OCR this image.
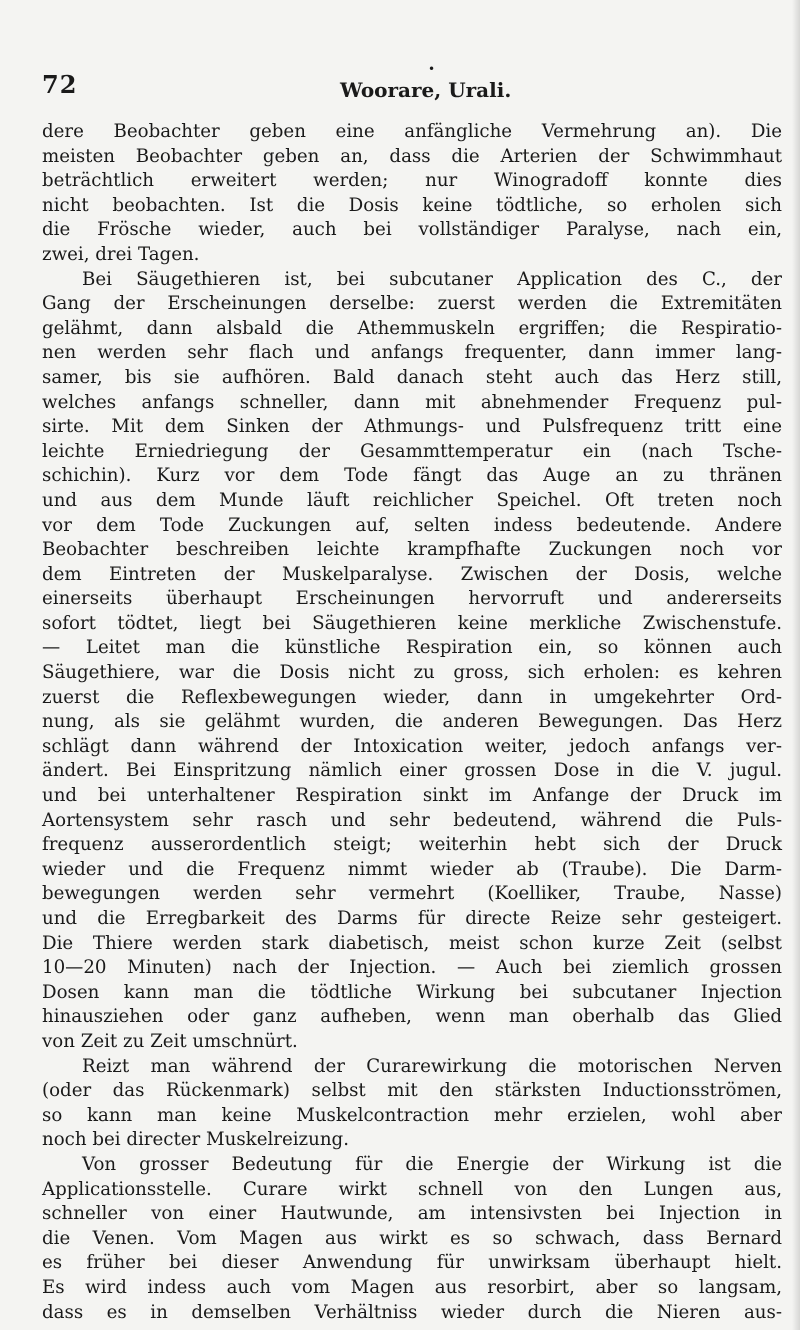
72
•
Woorare, Urali.
dere Beobachter geben eine anfängliche Vermehrung an). Die
meisten Beobachter geben an, dass die Arterien der Schwimmhaut
beträchtlich erweitert werden; nur Winogradoff konnte dies
nicht beobachten. Ist die Dosis keine tödtliche, so erholen sich
die Frösche wieder, auch bei vollständiger Paralyse, nach ein,
zwei, drei Tagen.
Bei Säugethieren ist, bei subcutaner Application des C., der
Gang der Erscheinungen derselbe: zuerst werden die Extremitäten
gelähmt, dann alsbald die Athemmuskeln ergriffen; die Respiratio-
nen werden sehr flach und anfangs frequenter, dann immer lang-
samer, bis sie aufhören. Bald danach steht auch das Herz still,
welches anfangs schneller, dann mit abnehmender Frequenz pul-
sirte. Mit dem Sinken der Athmungs- und Pulsfrequenz tritt eine
leichte Erniedriegung der Gesammttemperatur ein (nach Tsche-
schichin). Kurz vor dem Tode fängt das Auge an zu thränen
und aus dem Munde läuft reichlicher Speichel. Oft treten noch
vor dem Tode Zuckungen auf, selten indess bedeutende. Andere
Beobachter beschreiben leichte krampfhafte Zuckungen noch vor
dem Eintreten der Muskelparalyse. Zwischen der Dosis, welche
einerseits überhaupt Erscheinungen hervorruft und andererseits
sofort tödtet, liegt bei Säugethieren keine merkliche Zwischenstufe.
— Leitet man die künstliche Respiration ein, so können auch
Säugethiere, war die Dosis nicht zu gross, sich erholen: es kehren
zuerst die Reflexbewegungen wieder, dann in umgekehrter Ord-
nung, als sie gelähmt wurden, die anderen Bewegungen. Das Herz
schlägt dann während der Intoxication weiter, jedoch anfangs ver-
ändert. Bei Einspritzung nämlich einer grossen Dose in die V. jugul.
und bei unterhaltener Respiration sinkt im Anfange der Druck im
Aortensystem sehr rasch und sehr bedeutend, während die Puls-
frequenz ausserordentlich steigt; weiterhin hebt sich der Druck
wieder und die Frequenz nimmt wieder ab (Traube). Die Darm-
bewegungen werden sehr vermehrt (Koelliker, Traube, Nasse)
und die Erregbarkeit des Darms für directe Reize sehr gesteigert.
Die Thiere werden stark diabetisch, meist schon kurze Zeit (selbst
10—20 Minuten) nach der Injection. — Auch bei ziemlich grossen
Dosen kann man die tödtliche Wirkung bei subcutaner Injection
hinausziehen oder ganz aufheben, wenn man oberhalb das Glied
von Zeit zu Zeit umschnürt.
Reizt man während der Curarewirkung die motorischen Nerven
(oder das Rückenmark) selbst mit den stärksten Inductionsströmen,
so kann man keine Muskelcontraction mehr erzielen, wohl aber
noch bei directer Muskelreizung.
Von grosser Bedeutung für die Energie der Wirkung ist die
Applicationsstelle. Curare wirkt schnell von den Lungen aus,
schneller von einer Hautwunde, am intensivsten bei Injection in
die Venen. Vom Magen aus wirkt es so schwach, dass Bernard
es früher bei dieser Anwendung für unwirksam überhaupt hielt.
Es wird indess auch vom Magen aus resorbirt, aber so langsam,
dass es in demselben Verhältniss wieder durch die Nieren aus-
